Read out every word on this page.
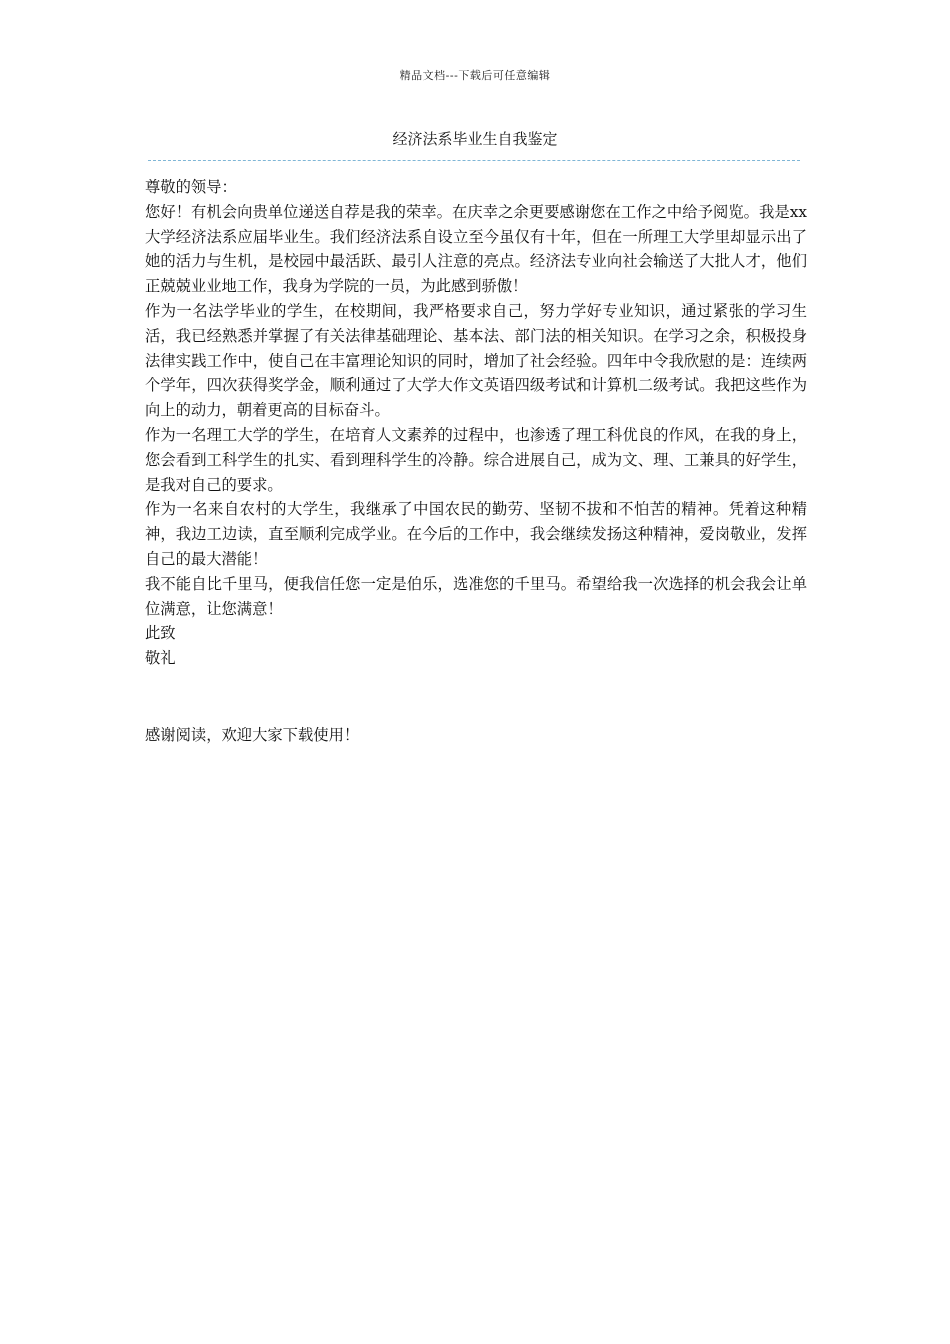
精品文档---下载后可任意编辑
经济法系毕业生自我鉴定

尊敬的领导：

您好！有机会向贵单位递送自荐是我的荣幸。在庆幸之余更要感谢您在工作之中给予阅览。我是xx大学经济法系应届毕业生。我们经济法系自设立至今虽仅有十年，但在一所理工大学里却显示出了她的活力与生机，是校园中最活跃、最引人注意的亮点。经济法专业向社会输送了大批人才，他们正兢兢业业地工作，我身为学院的一员，为此感到骄傲！

作为一名法学毕业的学生，在校期间，我严格要求自己，努力学好专业知识，通过紧张的学习生活，我已经熟悉并掌握了有关法律基础理论、基本法、部门法的相关知识。在学习之余，积极投身法律实践工作中，使自己在丰富理论知识的同时，增加了社会经验。四年中令我欣慰的是：连续两个学年，四次获得奖学金，顺利通过了大学大作文英语四级考试和计算机二级考试。我把这些作为向上的动力，朝着更高的目标奋斗。

作为一名理工大学的学生，在培育人文素养的过程中，也渗透了理工科优良的作风，在我的身上，您会看到工科学生的扎实、看到理科学生的冷静。综合进展自己，成为文、理、工兼具的好学生，是我对自己的要求。

作为一名来自农村的大学生，我继承了中国农民的勤劳、坚韧不拔和不怕苦的精神。凭着这种精神，我边工边读，直至顺利完成学业。在今后的工作中，我会继续发扬这种精神，爱岗敬业，发挥自己的最大潜能！

我不能自比千里马，便我信任您一定是伯乐，选准您的千里马。希望给我一次选择的机会我会让单位满意，让您满意！

此致

敬礼

感谢阅读，欢迎大家下载使用！
